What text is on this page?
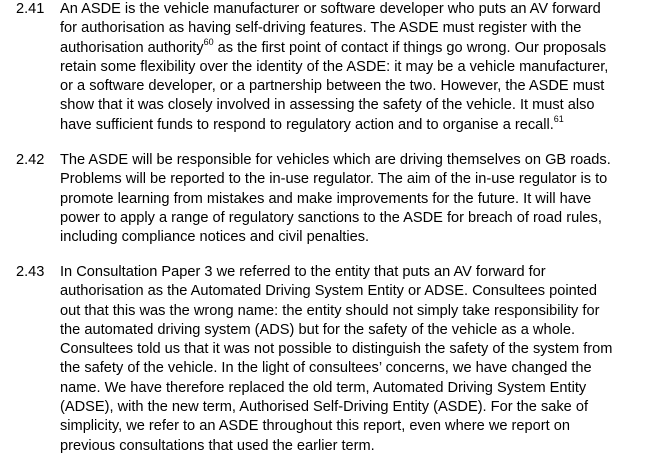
2.41 An ASDE is the vehicle manufacturer or software developer who puts an AV forward
for authorisation as having self-driving features. The ASDE must register with the
authorisation authority$^{60}$ as the first point of contact if things go wrong. Our proposals
retain some flexibility over the identity of the ASDE: it may be a vehicle manufacturer,
or a software developer, or a partnership between the two. However, the ASDE must
show that it was closely involved in assessing the safety of the vehicle. It must also
have sufficient funds to respond to regulatory action and to organise a recall.$^{61}$
2.42 The ASDE will be responsible for vehicles which are driving themselves on GB roads.
Problems will be reported to the in-use regulator. The aim of the in-use regulator is to
promote learning from mistakes and make improvements for the future. It will have
power to apply a range of regulatory sanctions to the ASDE for breach of road rules,
including compliance notices and civil penalties.
2.43 In Consultation Paper 3 we referred to the entity that puts an AV forward for
authorisation as the Automated Driving System Entity or ADSE. Consultees pointed
out that this was the wrong name: the entity should not simply take responsibility for
the automated driving system (ADS) but for the safety of the vehicle as a whole.
Consultees told us that it was not possible to distinguish the safety of the system from
the safety of the vehicle. In the light of consultees’ concerns, we have changed the
name. We have therefore replaced the old term, Automated Driving System Entity
(ADSE), with the new term, Authorised Self-Driving Entity (ASDE). For the sake of
simplicity, we refer to an ASDE throughout this report, even where we report on
previous consultations that used the earlier term.
